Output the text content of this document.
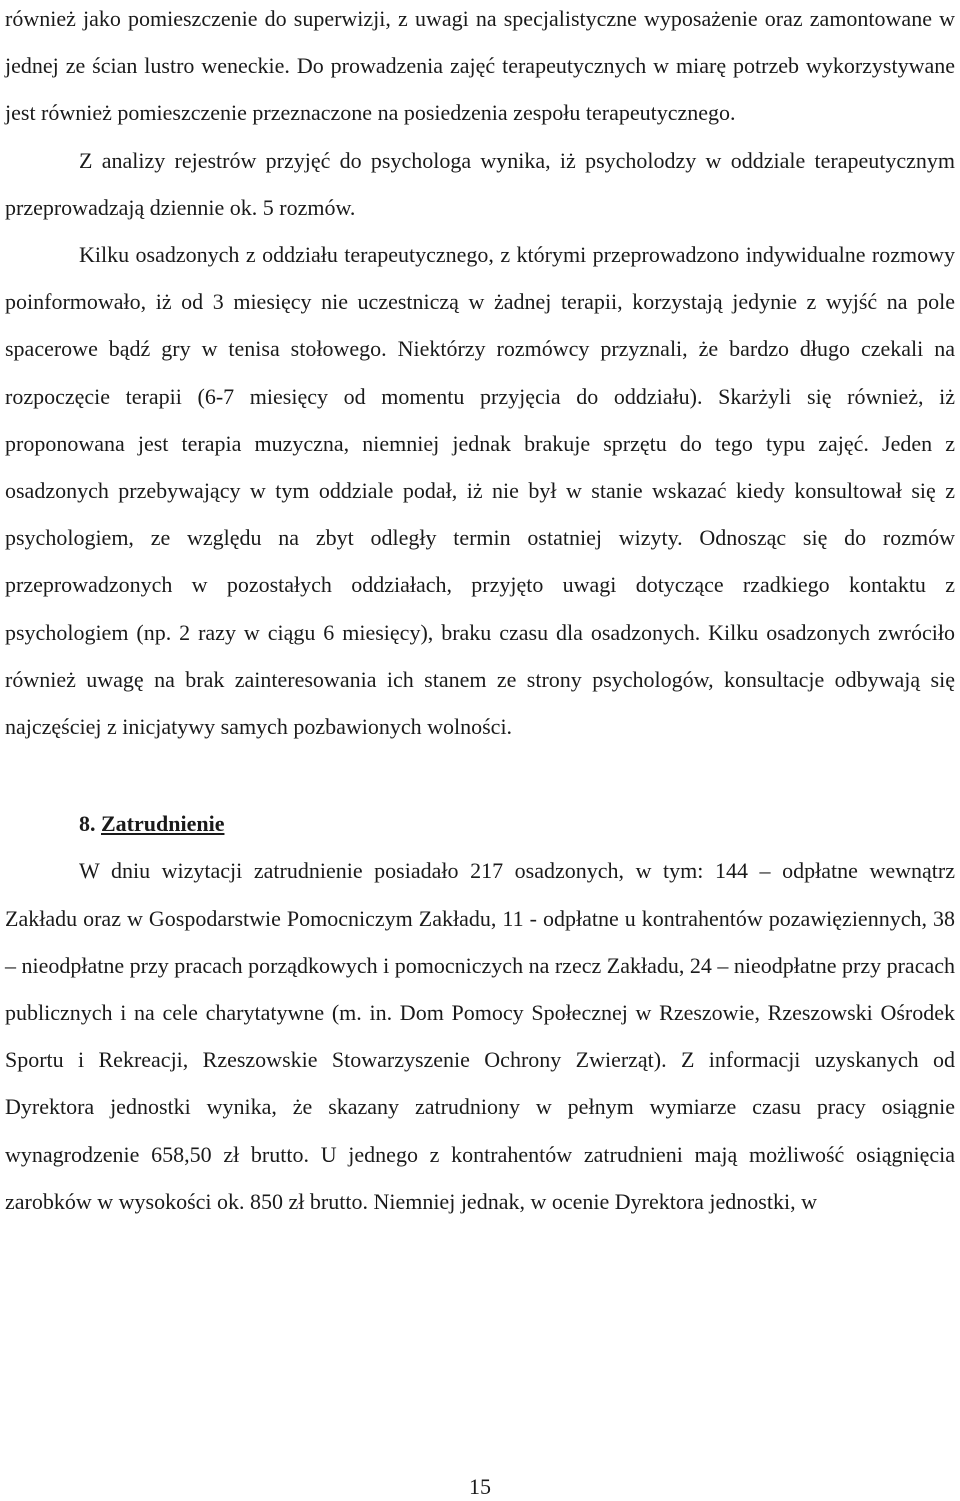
również jako pomieszczenie do superwizji, z uwagi na specjalistyczne wyposażenie oraz zamontowane w jednej ze ścian lustro weneckie. Do prowadzenia zajęć terapeutycznych w miarę potrzeb wykorzystywane jest również pomieszczenie przeznaczone na posiedzenia zespołu terapeutycznego.

Z analizy rejestrów przyjęć do psychologa wynika, iż psycholodzy w oddziale terapeutycznym przeprowadzają dziennie ok. 5 rozmów.

Kilku osadzonych z oddziału terapeutycznego, z którymi przeprowadzono indywidualne rozmowy poinformowało, iż od 3 miesięcy nie uczestniczą w żadnej terapii, korzystają jedynie z wyjść na pole spacerowe bądź gry w tenisa stołowego. Niektórzy rozmówcy przyznali, że bardzo długo czekali na rozpoczęcie terapii (6-7 miesięcy od momentu przyjęcia do oddziału). Skarżyli się również, iż proponowana jest terapia muzyczna, niemniej jednak brakuje sprzętu do tego typu zajęć. Jeden z osadzonych przebywający w tym oddziale podał, iż nie był w stanie wskazać kiedy konsultował się z psychologiem, ze względu na zbyt odległy termin ostatniej wizyty. Odnosząc się do rozmów przeprowadzonych w pozostałych oddziałach, przyjęto uwagi dotyczące rzadkiego kontaktu z psychologiem (np. 2 razy w ciągu 6 miesięcy), braku czasu dla osadzonych. Kilku osadzonych zwróciło również uwagę na brak zainteresowania ich stanem ze strony psychologów, konsultacje odbywają się najczęściej z inicjatywy samych pozbawionych wolności.

8. Zatrudnienie

W dniu wizytacji zatrudnienie posiadało 217 osadzonych, w tym: 144 – odpłatne wewnątrz Zakładu oraz w Gospodarstwie Pomocniczym Zakładu, 11 - odpłatne u kontrahentów pozawięziennych, 38 – nieodpłatne przy pracach porządkowych i pomocniczych na rzecz Zakładu, 24 – nieodpłatne przy pracach publicznych i na cele charytatywne (m. in. Dom Pomocy Społecznej w Rzeszowie, Rzeszowski Ośrodek Sportu i Rekreacji, Rzeszowskie Stowarzyszenie Ochrony Zwierząt). Z informacji uzyskanych od Dyrektora jednostki wynika, że skazany zatrudniony w pełnym wymiarze czasu pracy osiągnie wynagrodzenie 658,50 zł brutto. U jednego z kontrahentów zatrudnieni mają możliwość osiągnięcia zarobków w wysokości ok. 850 zł brutto. Niemniej jednak, w ocenie Dyrektora jednostki, w

15
